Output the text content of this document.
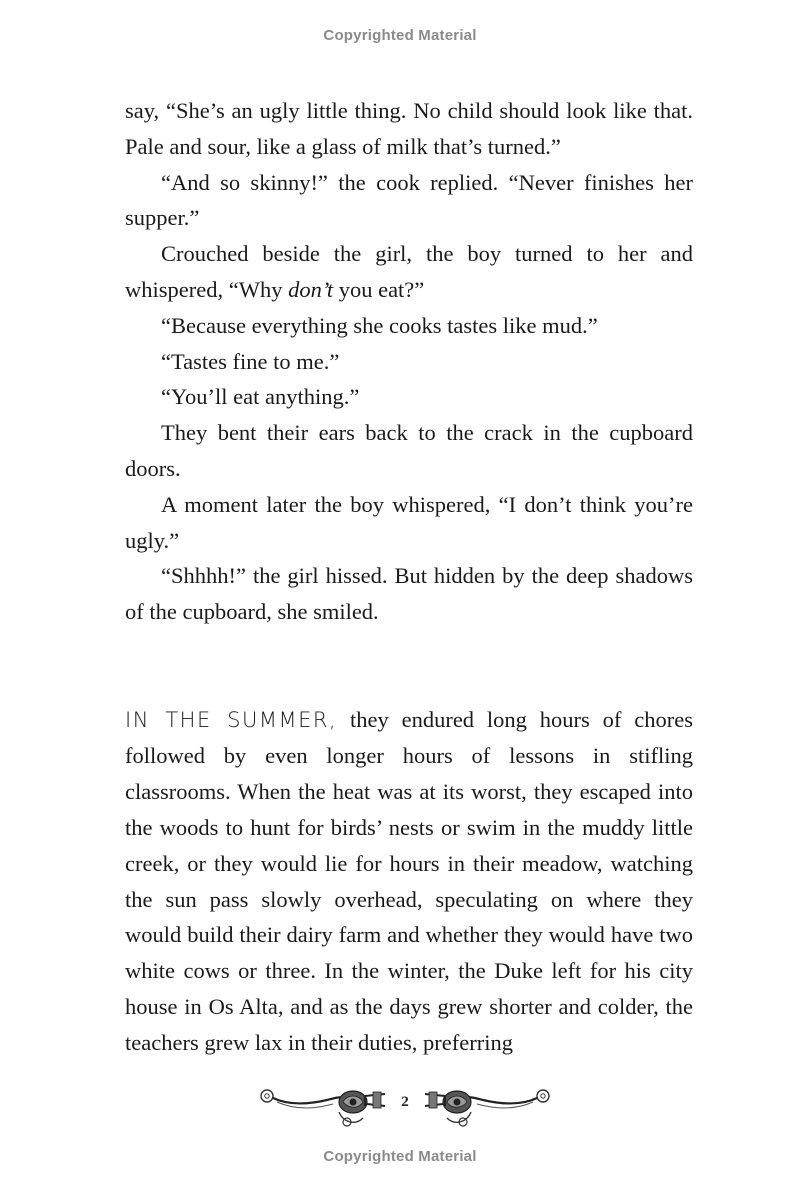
Copyrighted Material

say, “She’s an ugly little thing. No child should look like that. Pale and sour, like a glass of milk that’s turned.”

“And so skinny!” the cook replied. “Never finishes her supper.”

Crouched beside the girl, the boy turned to her and whispered, “Why don’t you eat?”

“Because everything she cooks tastes like mud.”

“Tastes fine to me.”

“You’ll eat anything.”

They bent their ears back to the crack in the cupboard doors.

A moment later the boy whispered, “I don’t think you’re ugly.”

“Shhhh!” the girl hissed. But hidden by the deep shadows of the cupboard, she smiled.

IN THE SUMMER, they endured long hours of chores followed by even longer hours of lessons in stifling classrooms. When the heat was at its worst, they escaped into the woods to hunt for birds’ nests or swim in the muddy little creek, or they would lie for hours in their meadow, watching the sun pass slowly overhead, speculating on where they would build their dairy farm and whether they would have two white cows or three. In the winter, the Duke left for his city house in Os Alta, and as the days grew shorter and colder, the teachers grew lax in their duties, preferring

2
Copyrighted Material
